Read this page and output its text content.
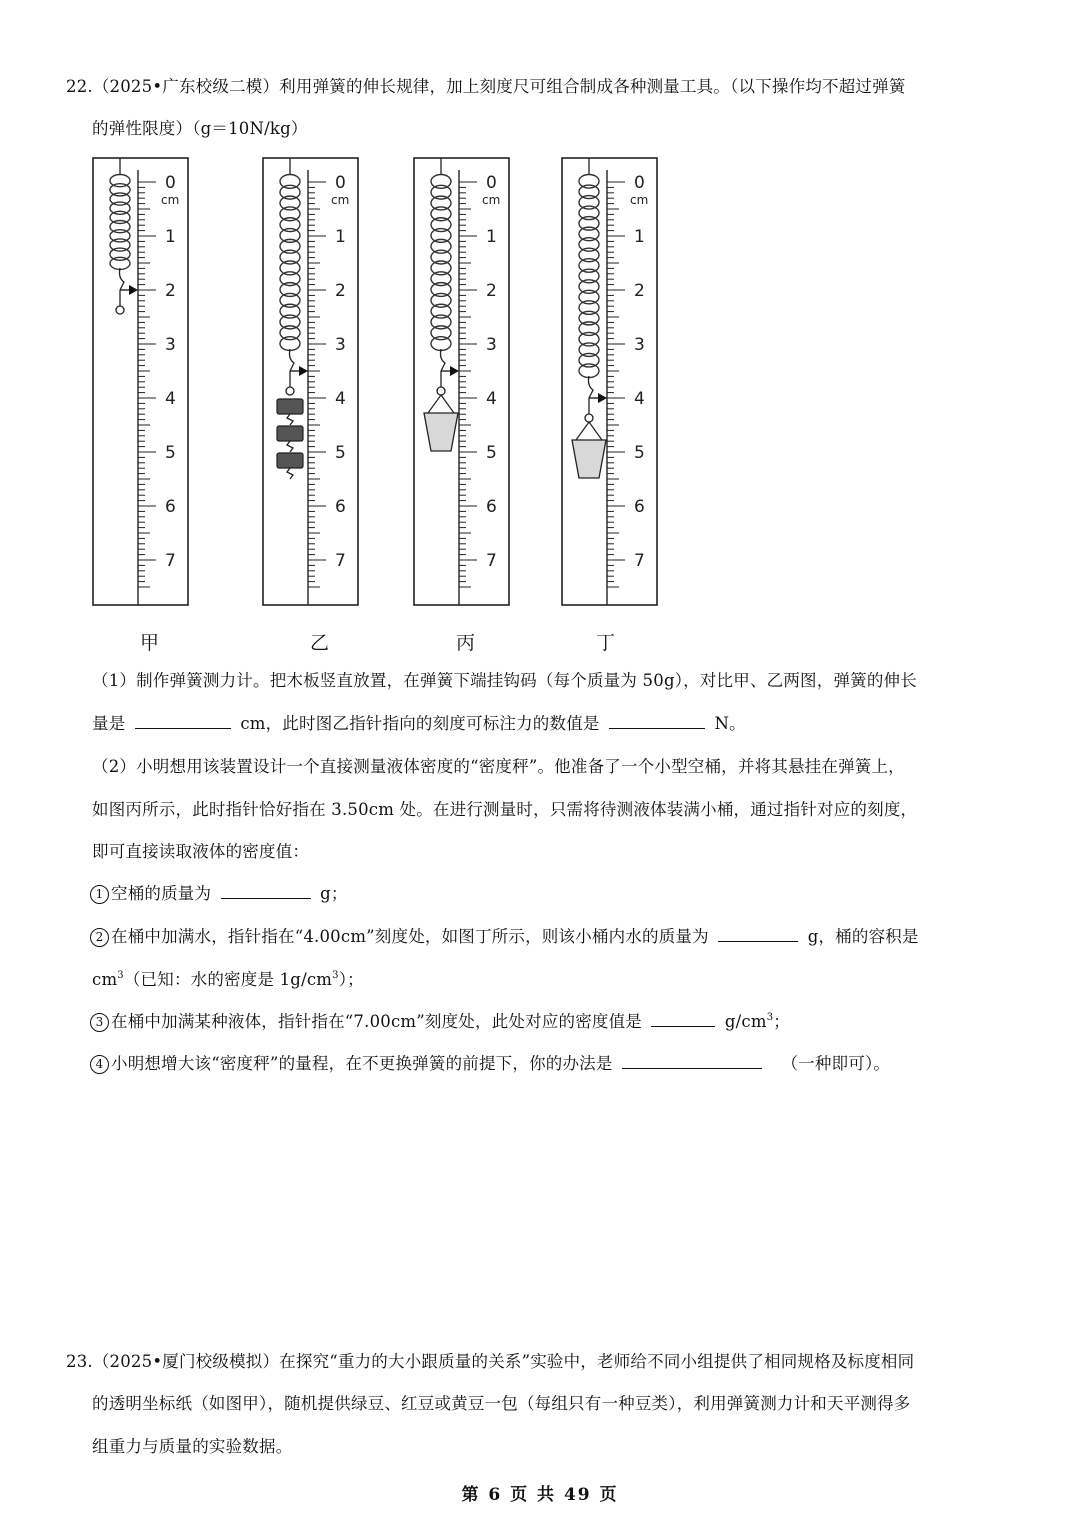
22.（2025•广东校级二模）利用弹簧的伸长规律，加上刻度尺可组合制成各种测量工具。（以下操作均不超过弹簧
的弹性限度）（g＝10N/kg）
0
1
2
3
4
5
6
7
cm
0
1
2
3
4
5
6
7
cm
0
1
2
3
4
5
6
7
cm
0
1
2
3
4
5
6
7
cm
甲	乙	丙	丁
（1）制作弹簧测力计。把木板竖直放置，在弹簧下端挂钩码（每个质量为 50g），对比甲、乙两图，弹簧的伸长
量是	cm，此时图乙指针指向的刻度可标注力的数值是	N。
（2）小明想用该装置设计一个直接测量液体密度的“密度秤”。他准备了一个小型空桶，并将其悬挂在弹簧上，
如图丙所示，此时指针恰好指在 3.50cm 处。在进行测量时，只需将待测液体装满小桶，通过指针对应的刻度，
即可直接读取液体的密度值：
1 空桶的质量为	g；
2 在桶中加满水，指针指在“4.00cm”刻度处，如图丁所示，则该小桶内水的质量为	g，桶的容积是
$cm^3$（已知：水的密度是 $1g/cm^3$）；
3 在桶中加满某种液体，指针指在“7.00cm”刻度处，此处对应的密度值是	$g/cm^3$；
4 小明想增大该“密度秤”的量程，在不更换弹簧的前提下，你的办法是	（一种即可）。
23.（2025•厦门校级模拟）在探究“重力的大小跟质量的关系”实验中，老师给不同小组提供了相同规格及标度相同
的透明坐标纸（如图甲），随机提供绿豆、红豆或黄豆一包（每组只有一种豆类），利用弹簧测力计和天平测得多
组重力与质量的实验数据。
第 6 页 共 49 页
